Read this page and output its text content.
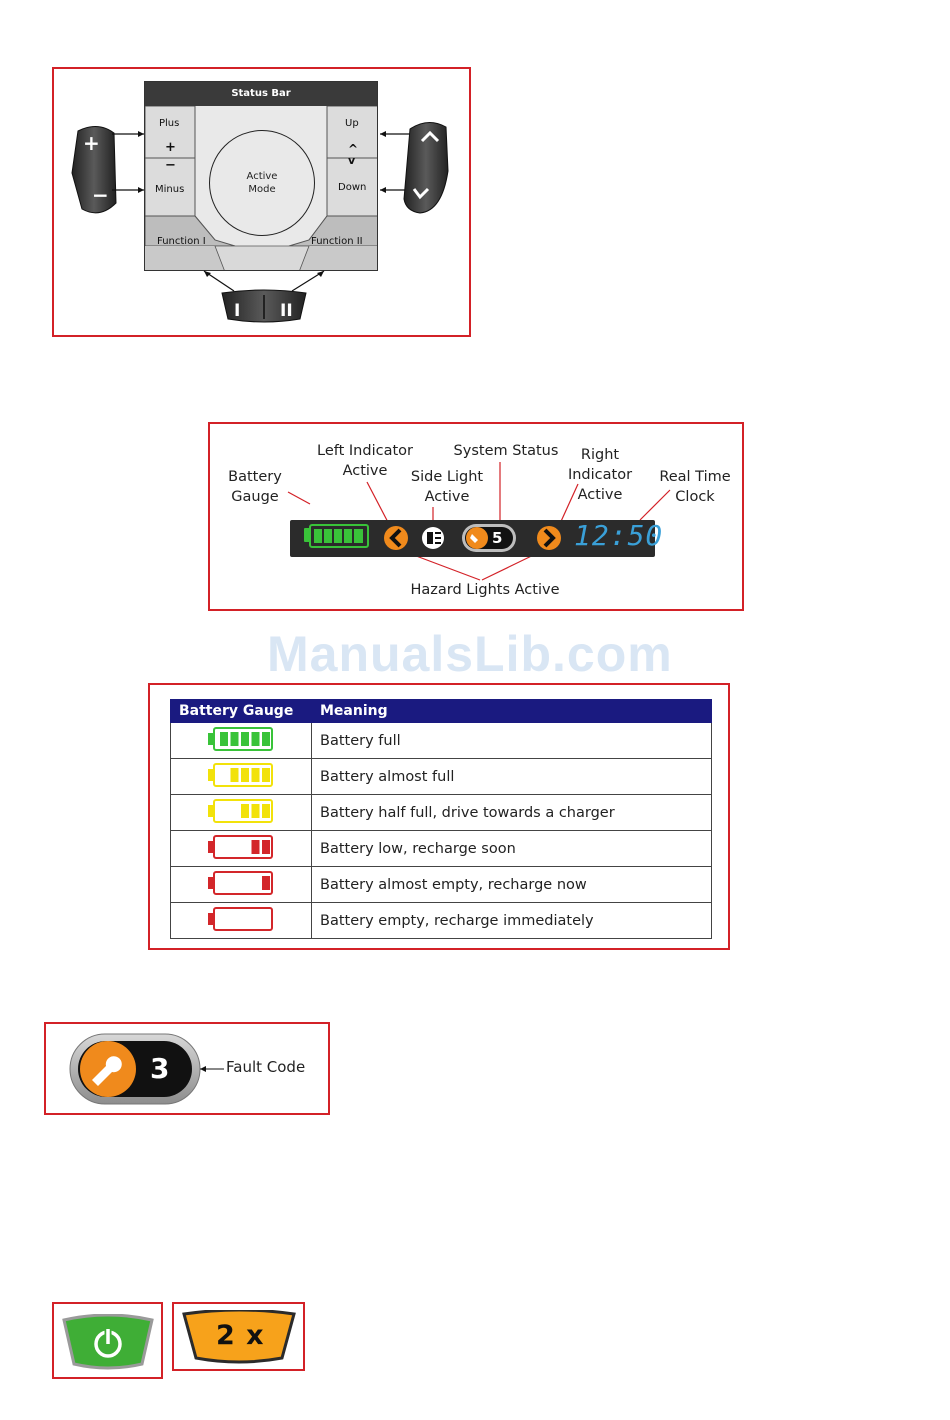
+
−
Status Bar
Plus
+
−
Minus
Active
Mode
Up
^
v
Down
Function I	Function II
I II
Battery
Gauge
Left Indicator
Active	Side Light
Active
System Status	Right
Indicator
Active
Real Time
Clock
5	12:50
Hazard Lights Active
ManualsLib.com
Battery Gauge	Meaning
	Battery full
	Battery almost full
	Battery half full, drive towards a charger
	Battery low, recharge soon
	Battery almost empty, recharge now
	Battery empty, recharge immediately
3	Fault Code
2 x
